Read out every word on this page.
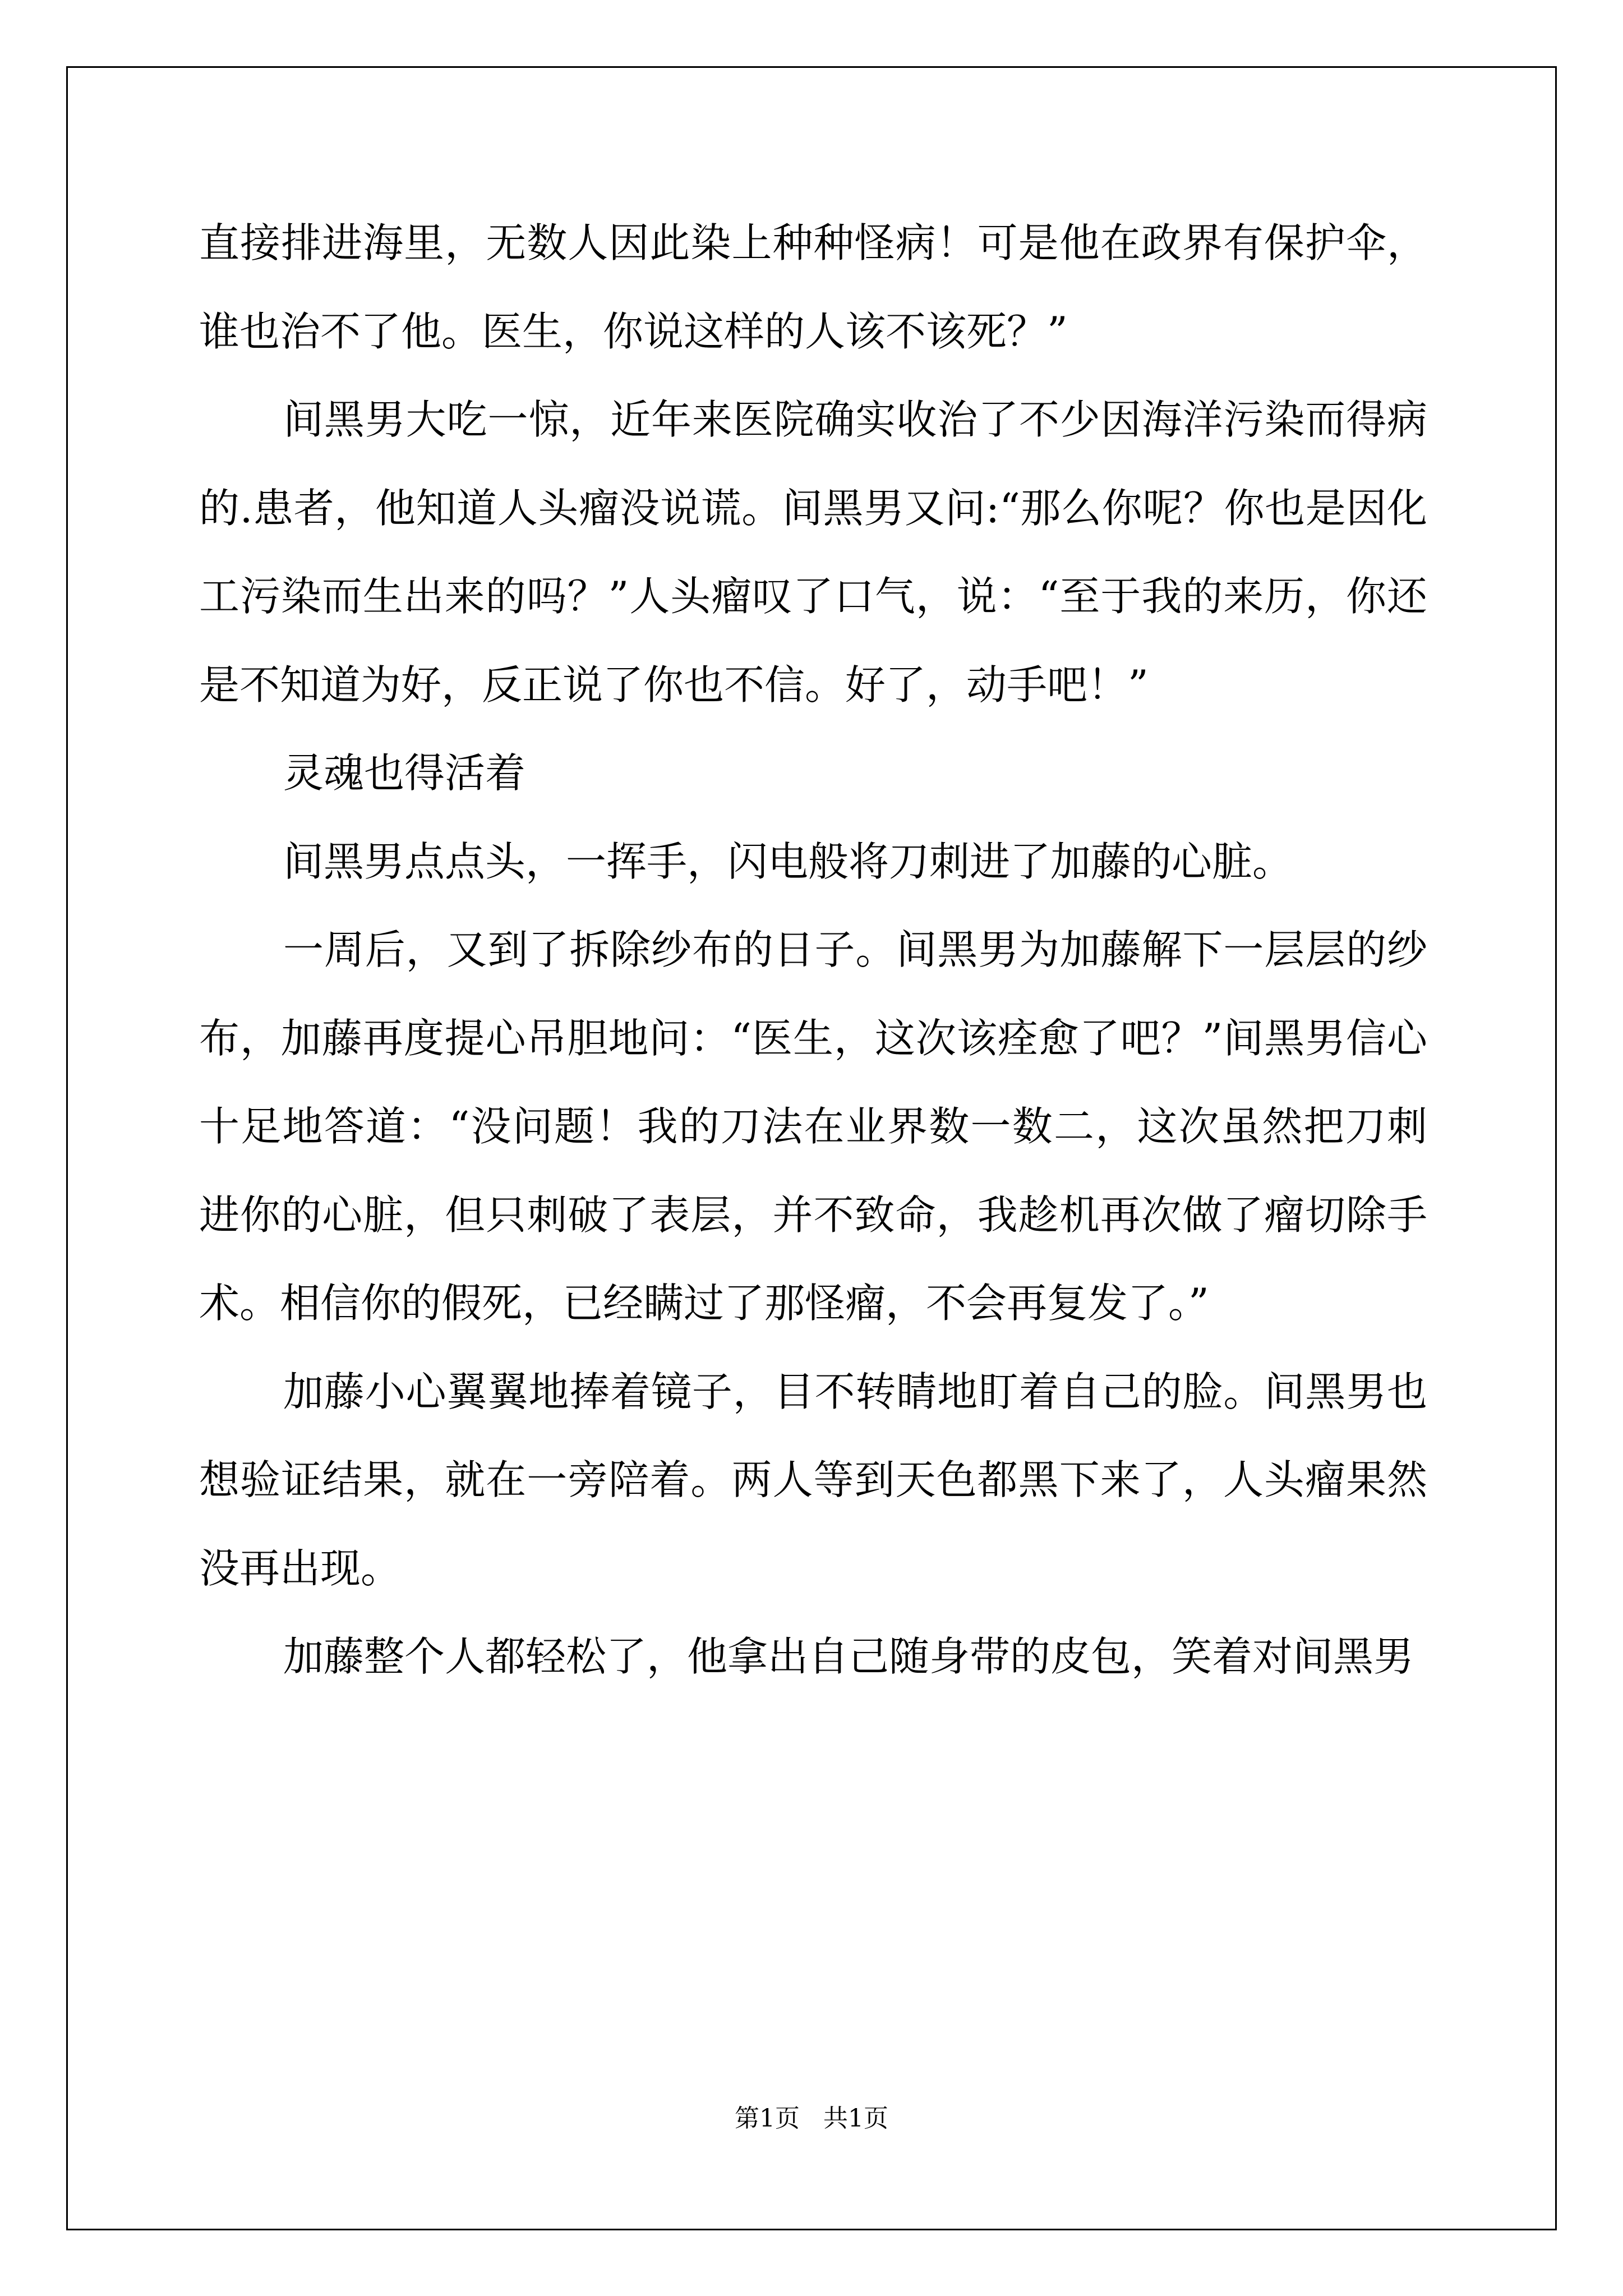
直接排进海里，无数人因此染上种种怪病！可是他在政界有保护伞，谁也治不了他。医生，你说这样的人该不该死？”

间黑男大吃一惊，近年来医院确实收治了不少因海洋污染而得病的.患者，他知道人头瘤没说谎。间黑男又问:“那么你呢？你也是因化工污染而生出来的吗？”人头瘤叹了口气，说：“至于我的来历，你还是不知道为好，反正说了你也不信。好了，动手吧！”

灵魂也得活着

间黑男点点头，一挥手，闪电般将刀刺进了加藤的心脏。

一周后，又到了拆除纱布的日子。间黑男为加藤解下一层层的纱布，加藤再度提心吊胆地问：“医生，这次该痊愈了吧？”间黑男信心十足地答道：“没问题！我的刀法在业界数一数二，这次虽然把刀刺进你的心脏，但只刺破了表层，并不致命，我趁机再次做了瘤切除手术。相信你的假死，已经瞒过了那怪瘤，不会再复发了。”

加藤小心翼翼地捧着镜子，目不转睛地盯着自己的脸。间黑男也想验证结果，就在一旁陪着。两人等到天色都黑下来了，人头瘤果然没再出现。

加藤整个人都轻松了，他拿出自己随身带的皮包，笑着对间黑男

第1页   共1页
